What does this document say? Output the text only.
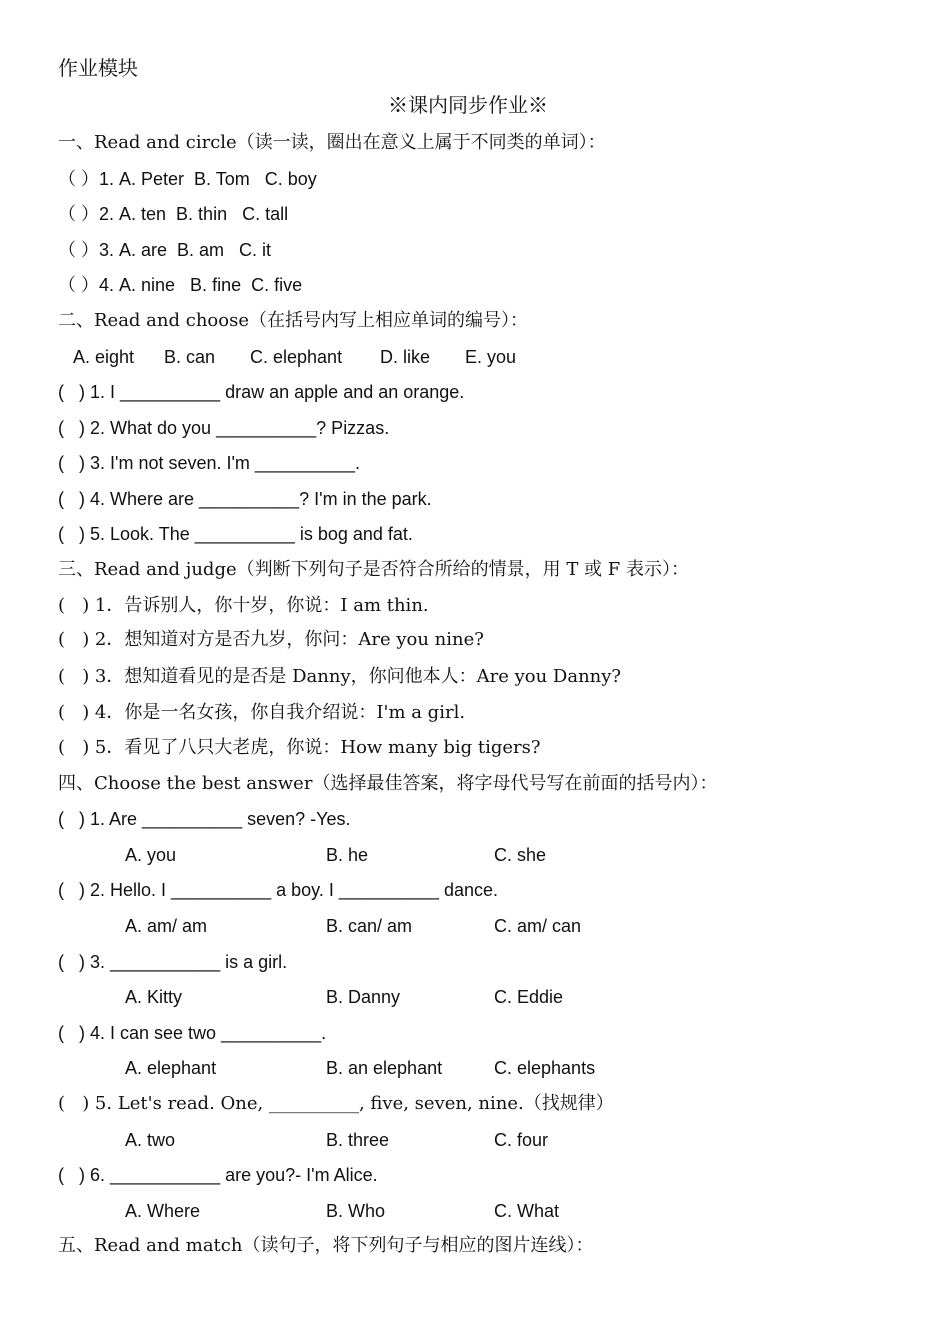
作业模块
※课内同步作业※
一、Read and circle（读一读，圈出在意义上属于不同类的单词）：
（ ）1. A. Peter  B. Tom   C. boy
（ ）2. A. ten  B. thin   C. tall
（ ）3. A. are  B. am   C. it
（ ）4. A. nine   B. fine  C. five
二、Read and choose（在括号内写上相应单词的编号）：
A. eight B. can C. elephant D. like E. you
(   ) 1. I __________ draw an apple and an orange.
(   ) 2. What do you __________? Pizzas.
(   ) 3. I'm not seven. I'm __________.
(   ) 4. Where are __________? I'm in the park.
(   ) 5. Look. The __________ is bog and fat.
三、Read and judge（判断下列句子是否符合所给的情景，用 T 或 F 表示）：
(   ) 1．告诉别人，你十岁，你说：I am thin.
(   ) 2．想知道对方是否九岁，你问：Are you nine?
(   ) 3．想知道看见的是否是 Danny，你问他本人：Are you Danny?
(   ) 4．你是一名女孩，你自我介绍说：I'm a girl.
(   ) 5．看见了八只大老虎，你说：How many big tigers?
四、Choose the best answer（选择最佳答案，将字母代号写在前面的括号内）：
(   ) 1. Are __________ seven? -Yes.
A. you	B. he	C. she
(   ) 2. Hello. I __________ a boy. I __________ dance.
A. am/ am	B. can/ am	C. am/ can
(   ) 3. ___________ is a girl.
A. Kitty	B. Danny	C. Eddie
(   ) 4. I can see two __________.
A. elephant	B. an elephant	C. elephants
(   ) 5. Let's read. One, __________, five, seven, nine.（找规律）
A. two	B. three	C. four
(   ) 6. ___________ are you?- I'm Alice.
A. Where	B. Who	C. What
五、Read and match（读句子，将下列句子与相应的图片连线）：
